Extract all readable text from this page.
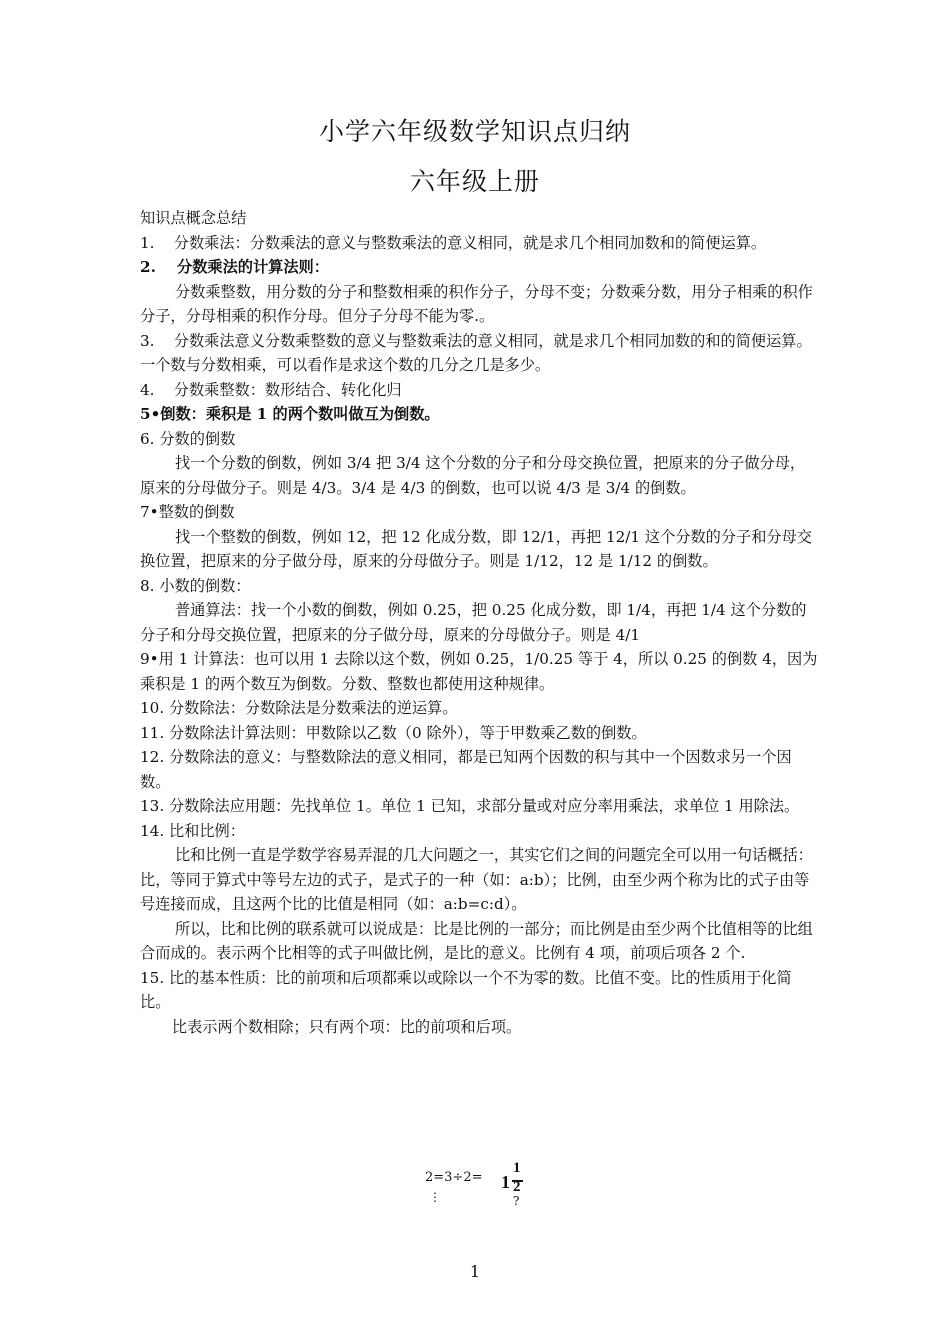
小学六年级数学知识点归纳
六年级上册

知识点概念总结

1.    分数乘法：分数乘法的意义与整数乘法的意义相同，就是求几个相同加数和的简便运算。

2.    分数乘法的计算法则：

分数乘整数，用分数的分子和整数相乘的积作分子，分母不变；分数乘分数，用分子相乘的积作分子，分母相乘的积作分母。但分子分母不能为零.。

3.    分数乘法意义分数乘整数的意义与整数乘法的意义相同，就是求几个相同加数的和的简便运算。一个数与分数相乘，可以看作是求这个数的几分之几是多少。

4.    分数乘整数：数形结合、转化化归

5•倒数：乘积是 1 的两个数叫做互为倒数。

6. 分数的倒数

找一个分数的倒数，例如 3/4 把 3/4 这个分数的分子和分母交换位置，把原来的分子做分母，原来的分母做分子。则是 4/3。3/4 是 4/3 的倒数，也可以说 4/3 是 3/4 的倒数。

7•整数的倒数

找一个整数的倒数，例如 12，把 12 化成分数，即 12/1，再把 12/1 这个分数的分子和分母交换位置，把原来的分子做分母，原来的分母做分子。则是 1/12，12 是 1/12 的倒数。

8. 小数的倒数：

普通算法：找一个小数的倒数，例如 0.25，把 0.25 化成分数，即 1/4，再把 1/4 这个分数的分子和分母交换位置，把原来的分子做分母，原来的分母做分子。则是 4/1

9•用 1 计算法：也可以用 1 去除以这个数，例如 0.25，1/0.25 等于 4，所以 0.25 的倒数 4，因为乘积是 1 的两个数互为倒数。分数、整数也都使用这种规律。

10. 分数除法：分数除法是分数乘法的逆运算。

11. 分数除法计算法则：甲数除以乙数（0 除外），等于甲数乘乙数的倒数。

12. 分数除法的意义：与整数除法的意义相同，都是已知两个因数的积与其中一个因数求另一个因数。

13. 分数除法应用题：先找单位 1。单位 1 已知，求部分量或对应分率用乘法，求单位 1 用除法。

14. 比和比例：

比和比例一直是学数学容易弄混的几大问题之一，其实它们之间的问题完全可以用一句话概括：比，等同于算式中等号左边的式子，是式子的一种（如：a:b）；比例，由至少两个称为比的式子由等号连接而成，且这两个比的比值是相同（如：a:b=c:d）。

所以，比和比例的联系就可以说成是：比是比例的一部分；而比例是由至少两个比值相等的比组合而成的。表示两个比相等的式子叫做比例，是比的意义。比例有 4 项，前项后项各 2 个.

15. 比的基本性质：比的前项和后项都乘以或除以一个不为零的数。比值不变。比的性质用于化简比。

比表示两个数相除；只有两个项：比的前项和后项。

2=3÷2= 1
1
2
⋮	?
1
